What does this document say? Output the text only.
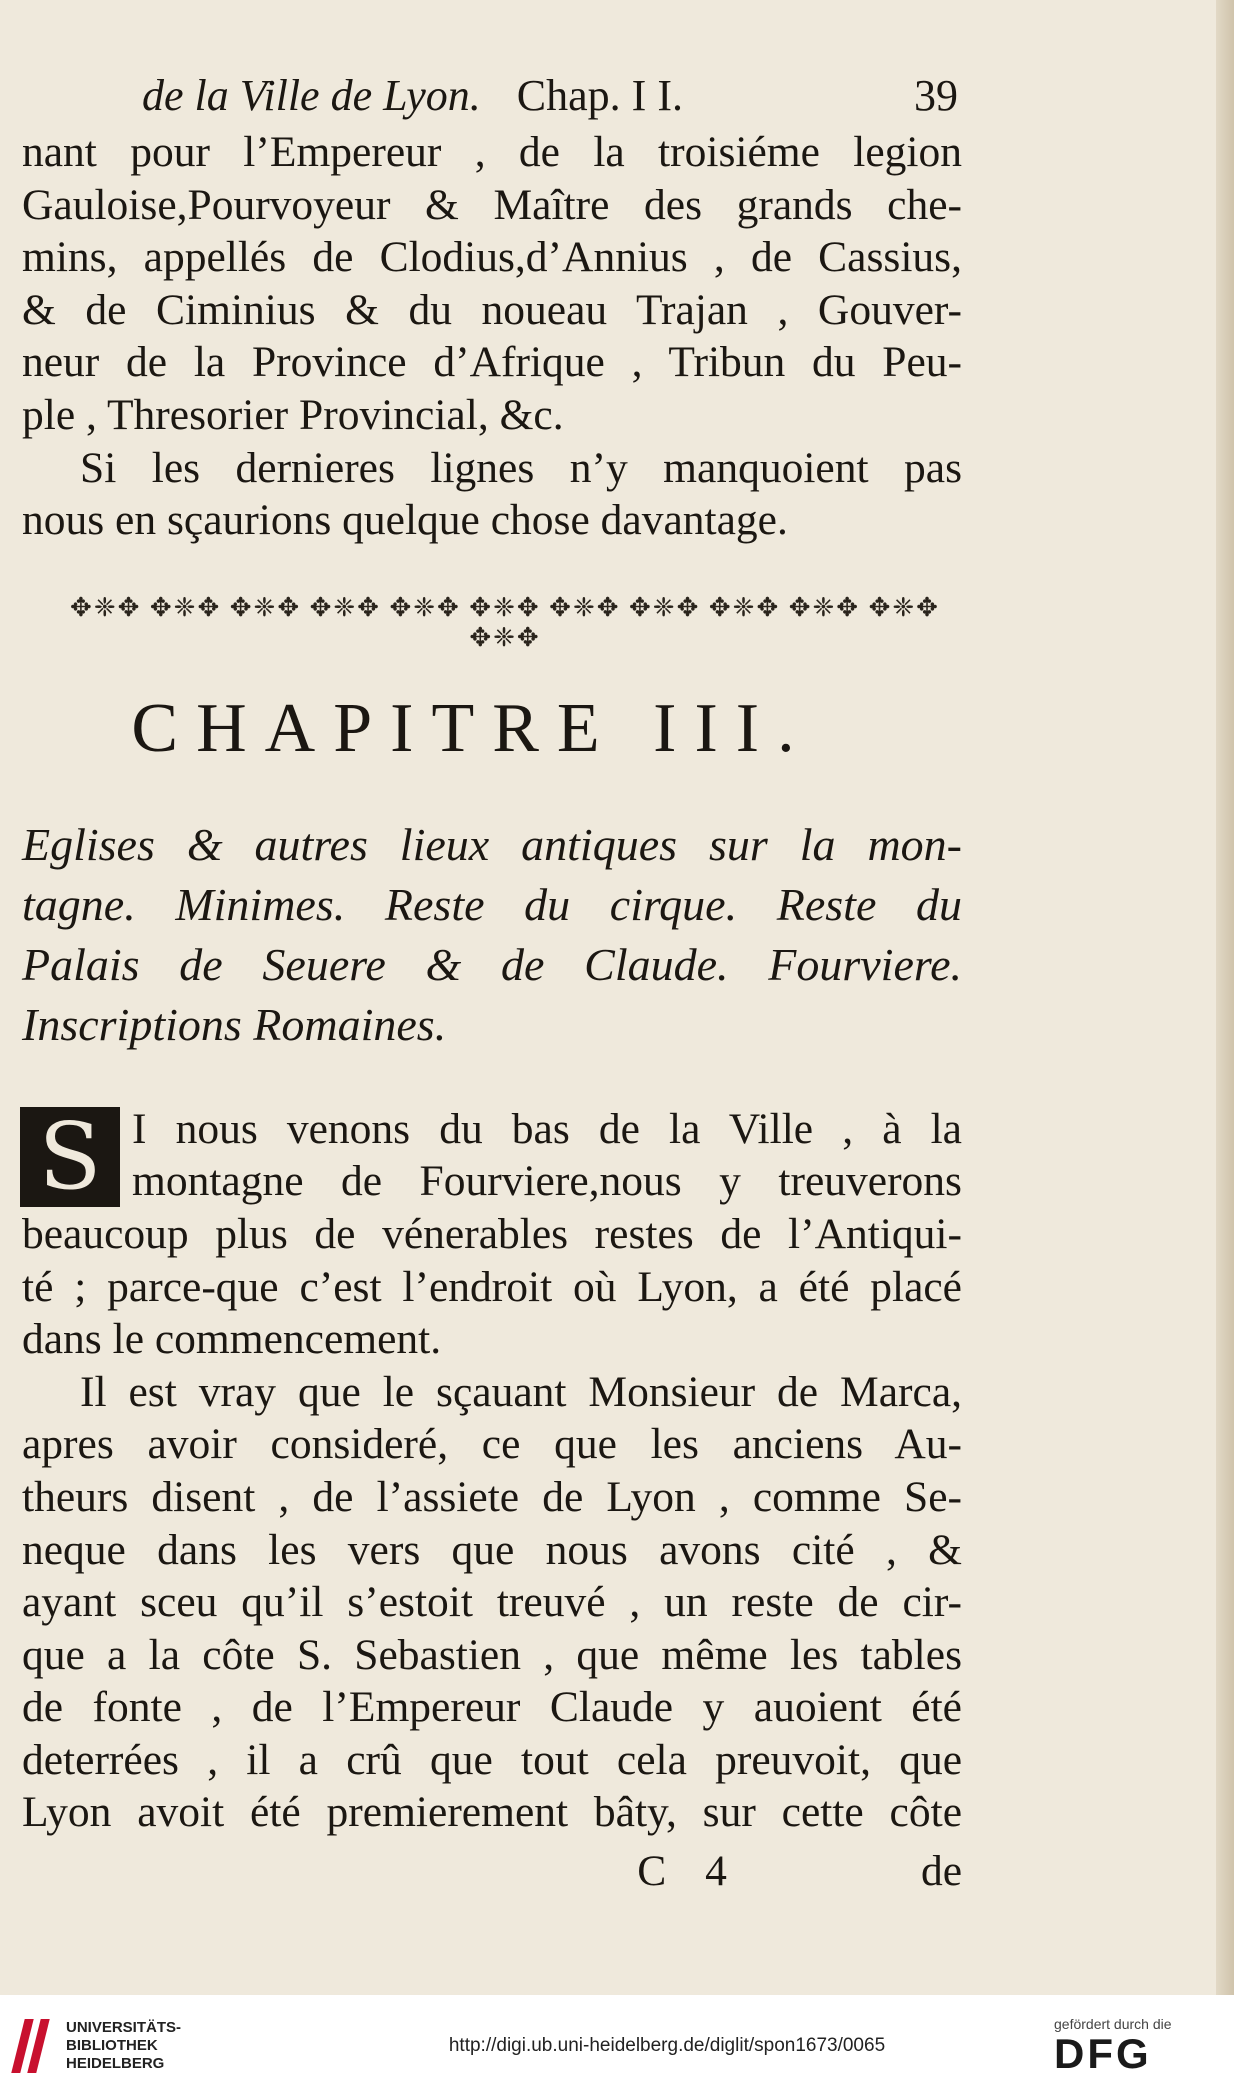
de la Ville de Lyon. Chap. I I.	39

nant pour l’Empereur , de la troisiéme legion

Gauloise,Pourvoyeur & Maître des grands che-

mins, appellés de Clodius,d’Annius , de Cassius,

& de Ciminius & du noueau Trajan , Gouver-

neur de la Province d’Afrique , Tribun du Peu-

ple , Thresorier Provincial, &c.

Si les dernieres lignes n’y manquoient pas

nous en sçaurions quelque chose davantage.

✥❈✥ ✥❈✥ ✥❈✥ ✥❈✥ ✥❈✥ ✥❈✥ ✥❈✥ ✥❈✥ ✥❈✥ ✥❈✥ ✥❈✥ ✥❈✥
CHAPITRE III.

Eglises & autres lieux antiques sur la mon-

tagne. Minimes. Reste du cirque. Reste du

Palais de Seuere & de Claude. Fourviere.

Inscriptions Romaines.

S I nous venons du bas de la Ville , à la

montagne de Fourviere,nous y treuverons

beaucoup plus de vénerables restes de l’Antiqui-

té ; parce-que c’est l’endroit où Lyon, a été placé

dans le commencement.

Il est vray que le sçauant Monsieur de Marca,

apres avoir consideré, ce que les anciens Au-

theurs disent , de l’assiete de Lyon , comme Se-

neque dans les vers que nous avons cité , &

ayant sceu qu’il s’estoit treuvé , un reste de cir-

que a la côte S. Sebastien , que même les tables

de fonte , de l’Empereur Claude y auoient été

deterrées , il a crû que tout cela preuvoit, que

Lyon avoit été premierement bâty, sur cette côte

C 4	de
UNIVERSITÄTS-
BIBLIOTHEK
HEIDELBERG
http://digi.ub.uni-heidelberg.de/diglit/spon1673/0065
gefördert durch die
DFG
